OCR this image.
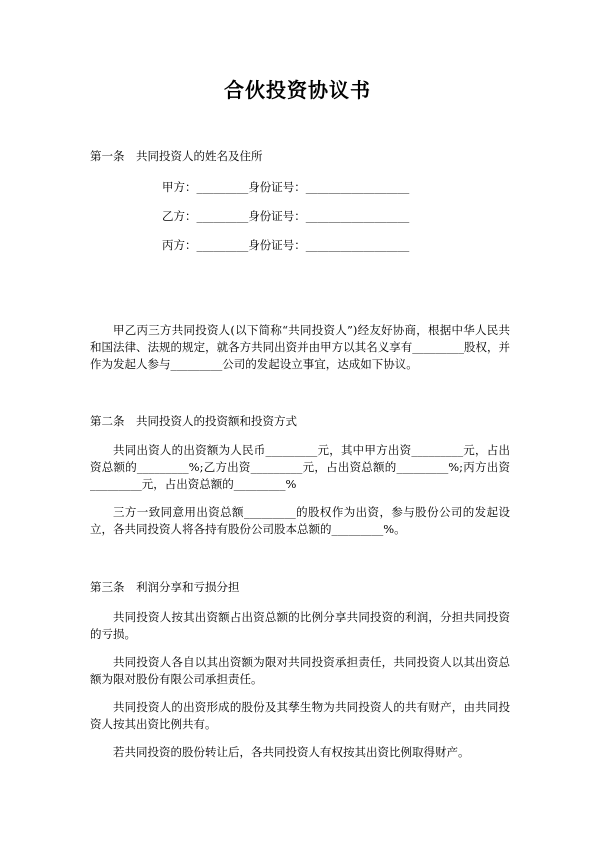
合伙投资协议书
第一条　共同投资人的姓名及住所
甲方：_________身份证号：__________________
乙方：_________身份证号：__________________
丙方：_________身份证号：__________________
甲乙丙三方共同投资人(以下简称“共同投资人”)经友好协商，根据中华人民共和国法律、法规的规定，就各方共同出资并由甲方以其名义享有_________股权，并作为发起人参与_________公司的发起设立事宜，达成如下协议。
第二条　共同投资人的投资额和投资方式
共同出资人的出资额为人民币_________元，其中甲方出资_________元，占出资总额的_________%;乙方出资_________元，占出资总额的_________%;丙方出资_________元，占出资总额的_________%
三方一致同意用出资总额_________的股权作为出资，参与股份公司的发起设立，各共同投资人将各持有股份公司股本总额的_________%。
第三条　利润分享和亏损分担
共同投资人按其出资额占出资总额的比例分享共同投资的利润，分担共同投资的亏损。
共同投资人各自以其出资额为限对共同投资承担责任，共同投资人以其出资总额为限对股份有限公司承担责任。
共同投资人的出资形成的股份及其孳生物为共同投资人的共有财产，由共同投资人按其出资比例共有。
若共同投资的股份转让后，各共同投资人有权按其出资比例取得财产。
